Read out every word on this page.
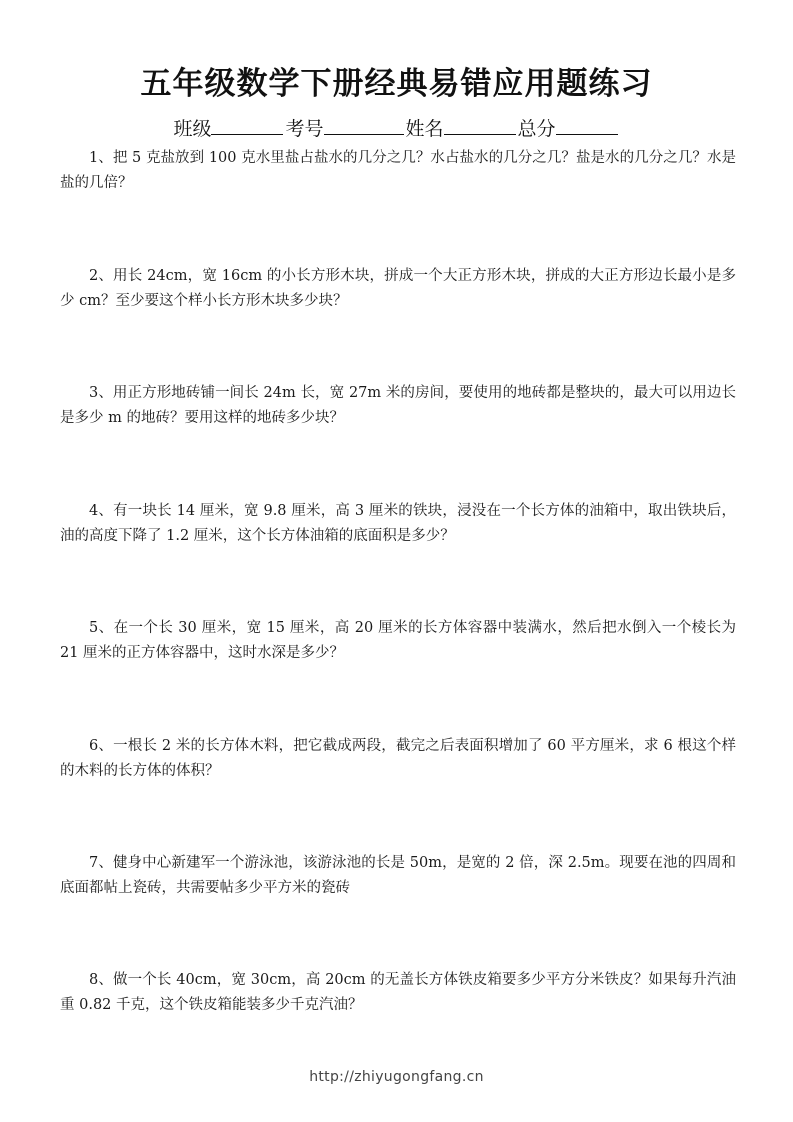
五年级数学下册经典易错应用题练习
班级	考号	姓名	总分
1、把 5 克盐放到 100 克水里盐占盐水的几分之几？水占盐水的几分之几？盐是水的几分之几？水是盐的几倍？
2、用长 24cm，宽 16cm 的小长方形木块，拼成一个大正方形木块，拼成的大正方形边长最小是多少 cm？至少要这个样小长方形木块多少块？
3、用正方形地砖铺一间长 24m 长，宽 27m 米的房间，要使用的地砖都是整块的，最大可以用边长是多少 m 的地砖？要用这样的地砖多少块？
4、有一块长 14 厘米，宽 9.8 厘米，高 3 厘米的铁块，浸没在一个长方体的油箱中，取出铁块后，油的高度下降了 1.2 厘米，这个长方体油箱的底面积是多少？
5、在一个长 30 厘米，宽 15 厘米，高 20 厘米的长方体容器中装满水，然后把水倒入一个棱长为 21 厘米的正方体容器中，这时水深是多少？
6、一根长 2 米的长方体木料，把它截成两段，截完之后表面积增加了 60 平方厘米，求 6 根这个样的木料的长方体的体积？
7、健身中心新建军一个游泳池，该游泳池的长是 50m，是宽的 2 倍，深 2.5m。现要在池的四周和底面都帖上瓷砖，共需要帖多少平方米的瓷砖
8、做一个长 40cm，宽 30cm，高 20cm 的无盖长方体铁皮箱要多少平方分米铁皮？如果每升汽油重 0.82 千克，这个铁皮箱能装多少千克汽油？
http://zhiyugongfang.cn
